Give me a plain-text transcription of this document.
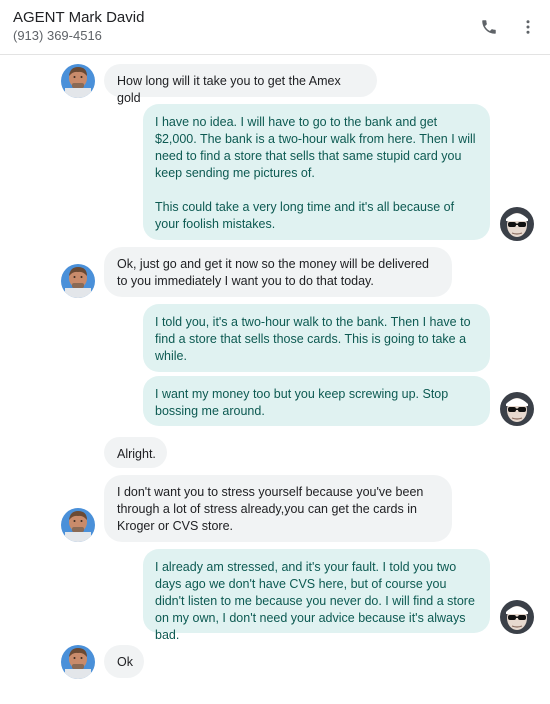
AGENT Mark David
(913) 369-4516
How long will it take you to get the Amex gold
I have no idea. I will have to go to the bank and get $2,000. The bank is a two-hour walk from here. Then I will need to find a store that sells that same stupid card you keep sending me pictures of.

This could take a very long time and it's all because of your foolish mistakes.
Ok, just go and get it now so the money will be delivered to you immediately I want you to do that today.
I told you, it's a two-hour walk to the bank. Then I have to find a store that sells those cards. This is going to take a while.
I want my money too but you keep screwing up. Stop bossing me around.
Alright.
I don't want you to stress yourself because you've been through a lot of stress already,you can get the cards in Kroger or CVS store.
I already am stressed, and it's your fault. I told you two days ago we don't have CVS here, but of course you didn't listen to me because you never do. I will find a store on my own, I don't need your advice because it's always bad.
Ok
